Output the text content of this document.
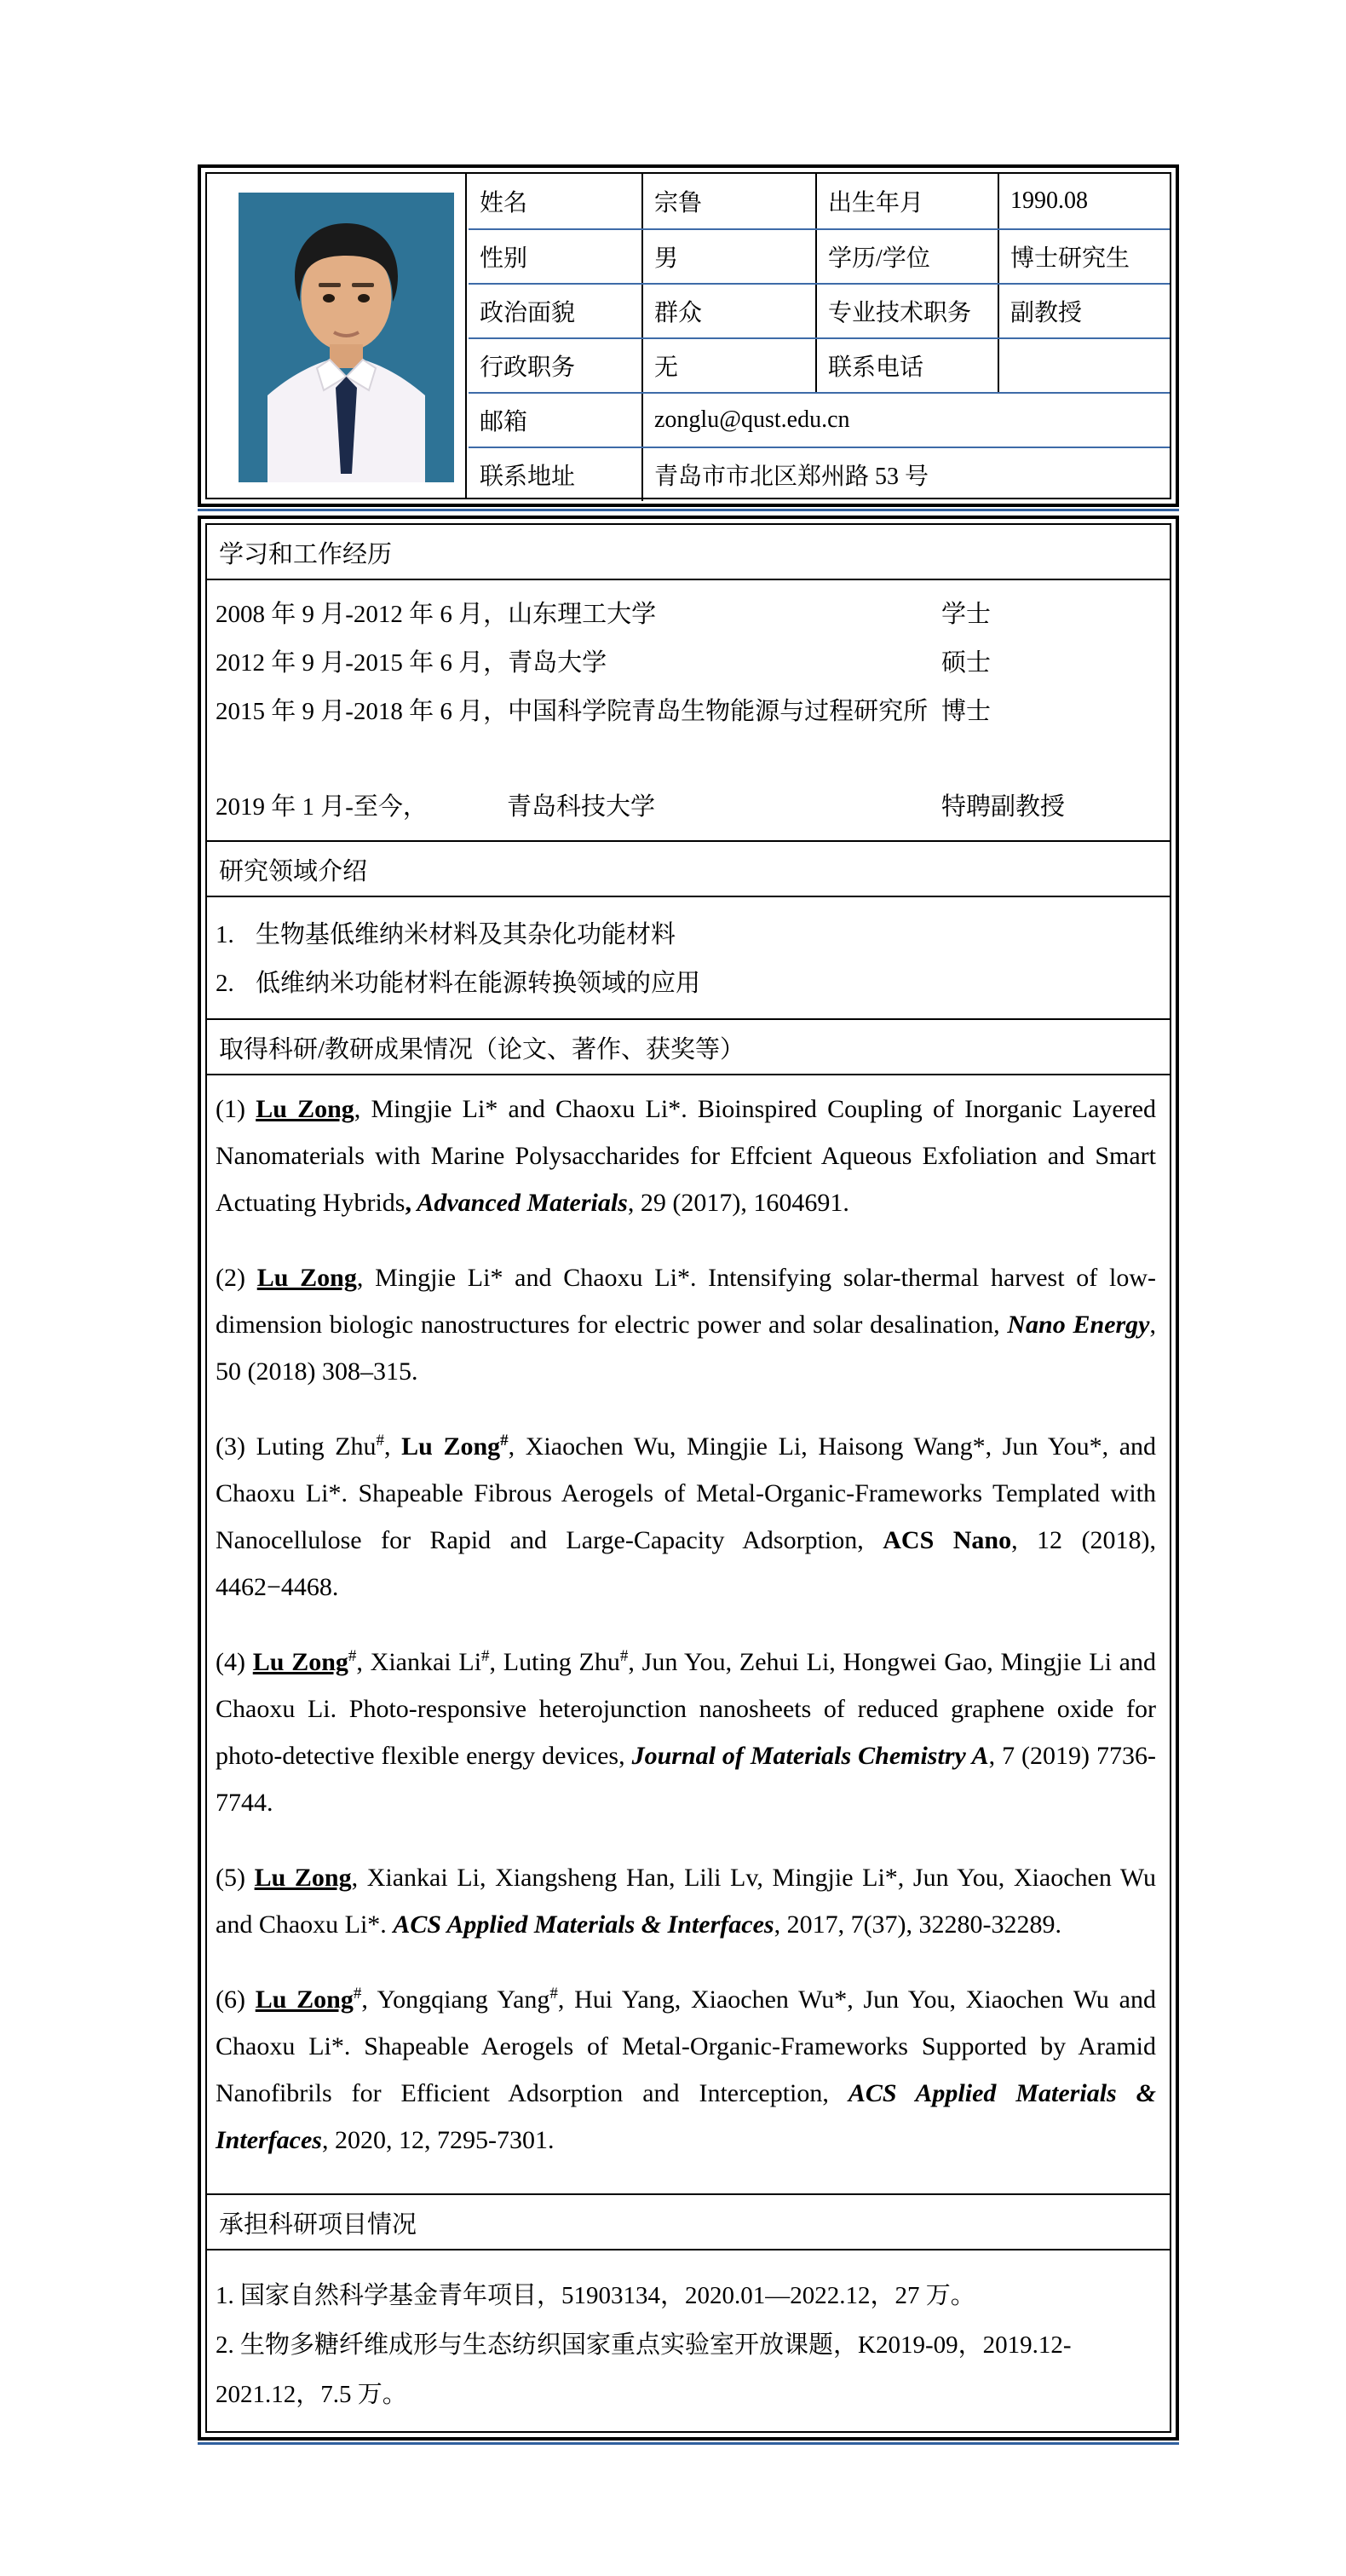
姓名	宗鲁	出生年月	1990.08
性别	男	学历/学位	博士研究生
政治面貌	群众	专业技术职务	副教授
行政职务	无	联系电话
邮箱	zonglu@qust.edu.cn
联系地址	青岛市市北区郑州路 53 号
学习和工作经历
2008 年 9 月-2012 年 6 月，山东理工大学	学士
2012 年 9 月-2015 年 6 月，青岛大学	硕士
2015 年 9 月-2018 年 6 月，中国科学院青岛生物能源与过程研究所 博士
2019 年 1 月-至今，	青岛科技大学	特聘副教授
研究领域介绍
1. 生物基低维纳米材料及其杂化功能材料
2. 低维纳米功能材料在能源转换领域的应用
取得科研/教研成果情况（论文、著作、获奖等）

(1) Lu Zong, Mingjie Li* and Chaoxu Li*. Bioinspired Coupling of Inorganic Layered Nanomaterials with Marine Polysaccharides for Effcient Aqueous Exfoliation and Smart Actuating Hybrids, Advanced Materials, 29 (2017), 1604691.

(2) Lu Zong, Mingjie Li* and Chaoxu Li*. Intensifying solar-thermal harvest of low-dimension biologic nanostructures for electric power and solar desalination, Nano Energy, 50 (2018) 308–315.

(3) Luting Zhu#, Lu Zong#, Xiaochen Wu, Mingjie Li, Haisong Wang*, Jun You*, and Chaoxu Li*. Shapeable Fibrous Aerogels of Metal-Organic-Frameworks Templated with Nanocellulose for Rapid and Large-Capacity Adsorption, ACS Nano, 12 (2018), 4462−4468.

(4) Lu Zong#, Xiankai Li#, Luting Zhu#, Jun You, Zehui Li, Hongwei Gao, Mingjie Li and Chaoxu Li. Photo-responsive heterojunction nanosheets of reduced graphene oxide for photo-detective flexible energy devices, Journal of Materials Chemistry A, 7 (2019) 7736-7744.

(5) Lu Zong, Xiankai Li, Xiangsheng Han, Lili Lv, Mingjie Li*, Jun You, Xiaochen Wu and Chaoxu Li*. ACS Applied Materials & Interfaces, 2017, 7(37), 32280-32289.

(6) Lu Zong#, Yongqiang Yang#, Hui Yang, Xiaochen Wu*, Jun You, Xiaochen Wu and Chaoxu Li*. Shapeable Aerogels of Metal-Organic-Frameworks Supported by Aramid Nanofibrils for Efficient Adsorption and Interception, ACS Applied Materials & Interfaces, 2020, 12, 7295-7301.

承担科研项目情况
1. 国家自然科学基金青年项目，51903134，2020.01—2022.12，27 万。
2. 生物多糖纤维成形与生态纺织国家重点实验室开放课题，K2019-09，2019.12-2021.12，7.5 万。
